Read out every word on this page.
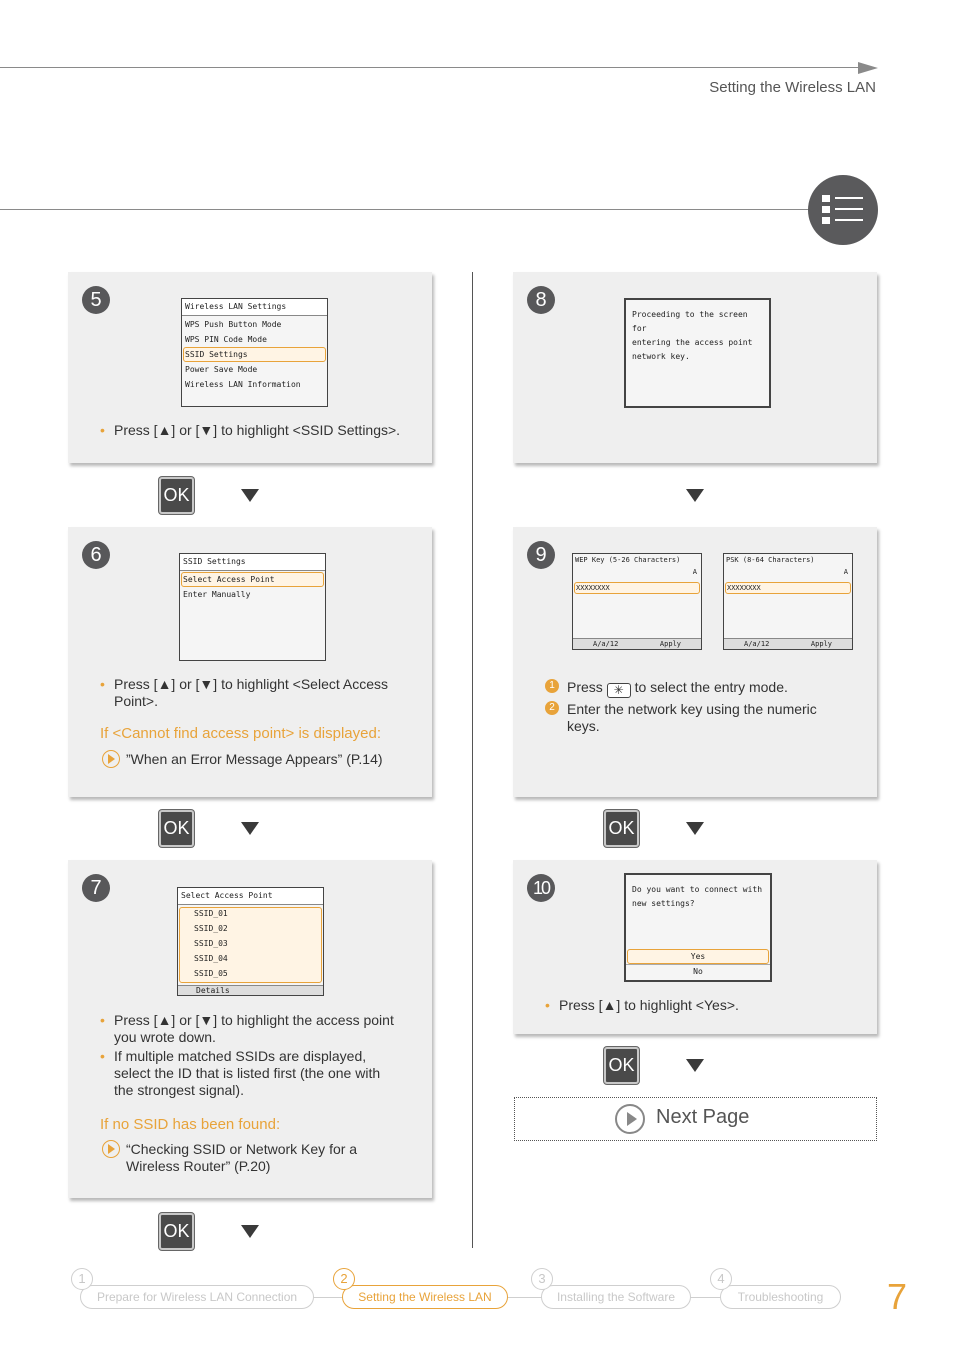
Setting the Wireless LAN
5	Wireless LAN Settings
WPS Push Button Mode
WPS PIN Code Mode
SSID Settings
Power Save Mode
Wireless LAN Information
• Press [▲] or [▼] to highlight <SSID Settings>.
OK
6	SSID Settings
Select Access Point
Enter Manually
• Press [▲] or [▼] to highlight <Select Access
Point>.
If <Cannot find access point> is displayed:
”When an Error Message Appears” (P.14)
OK
7	Select Access Point
SSID_01
SSID_02
SSID_03
SSID_04
SSID_05
Details
• Press [▲] or [▼] to highlight the access point
you wrote down.
• If multiple matched SSIDs are displayed,
select the ID that is listed first (the one with
the strongest signal).
If no SSID has been found:
“Checking SSID or Network Key for a
Wireless Router” (P.20)
OK
8
Proceeding to the screen for
entering the access point
network key.
9	WEP Key (5-26 Characters)
A
XXXXXXXX
A/a/12	Apply
PSK (8-64 Characters)
A
XXXXXXXX
A/a/12	Apply
1 Press ✳ to select the entry mode.
2 Enter the network key using the numeric
keys.
OK
10	Do you want to connect with
new settings?
Yes
No
• Press [▲] to highlight <Yes>.
OK
Next Page
Prepare for Wireless LAN Connection
1
Setting the Wireless LAN
2
Installing the Software
3
Troubleshooting
4	7
